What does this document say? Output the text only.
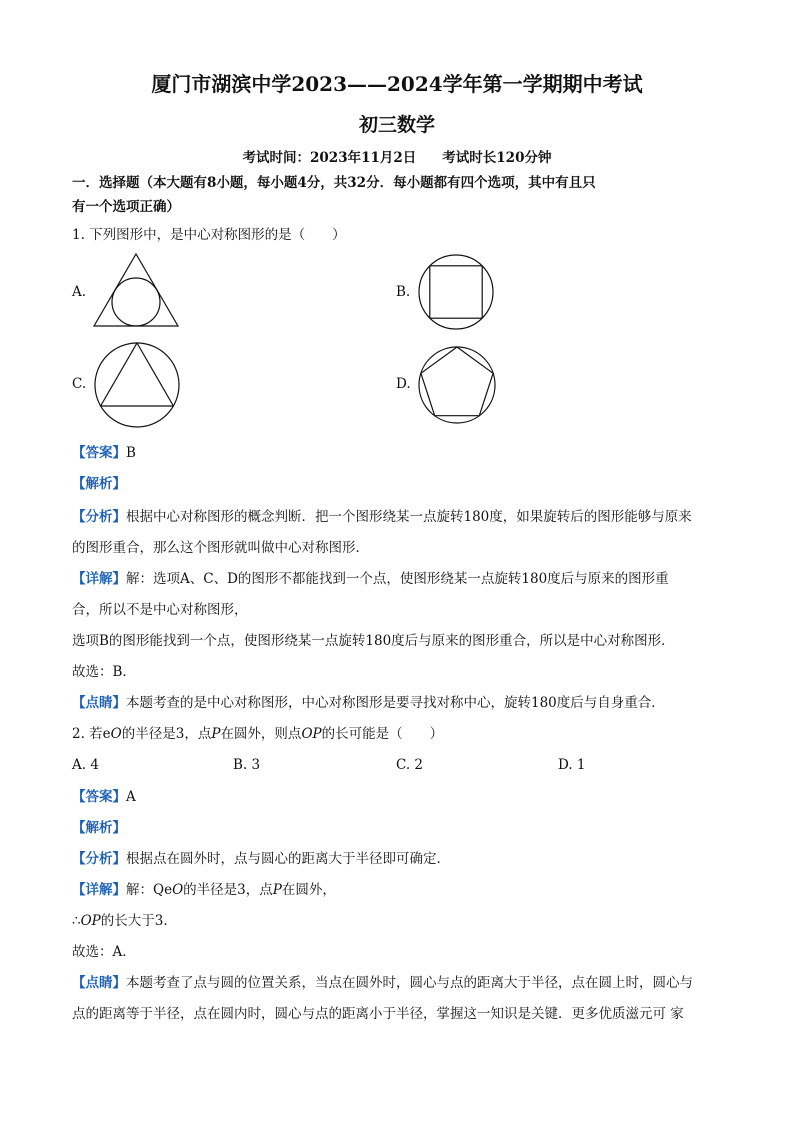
厦门市湖滨中学2023——2024学年第一学期期中考试
初三数学
考试时间：2023年11月2日 考试时长120分钟
一．选择题（本大题有8小题，每小题4分，共32分．每小题都有四个选项，其中有且只
有一个选项正确）
1. 下列图形中，是中心对称图形的是（　　）
A.	B.
C.	D.
【答案】B
【解析】
【分析】根据中心对称图形的概念判断．把一个图形绕某一点旋转180度，如果旋转后的图形能够与原来
的图形重合，那么这个图形就叫做中心对称图形．
【详解】解：选项A、C、D的图形不都能找到一个点，使图形绕某一点旋转180度后与原来的图形重
合，所以不是中心对称图形，
选项B的图形能找到一个点，使图形绕某一点旋转180度后与原来的图形重合，所以是中心对称图形．
故选：B．
【点睛】本题考查的是中心对称图形，中心对称图形是要寻找对称中心，旋转180度后与自身重合．
2. 若eO的半径是3，点P在圆外，则点OP的长可能是（　　）
A. 4	B. 3	C. 2	D. 1
【答案】A
【解析】
【分析】根据点在圆外时，点与圆心的距离大于半径即可确定．
【详解】解：QeO的半径是3，点P在圆外，
∴OP的长大于3．
故选：A．
【点睛】本题考查了点与圆的位置关系，当点在圆外时，圆心与点的距离大于半径，点在圆上时，圆心与
点的距离等于半径，点在圆内时，圆心与点的距离小于半径，掌握这一知识是关键．更多优质滋元可 家
